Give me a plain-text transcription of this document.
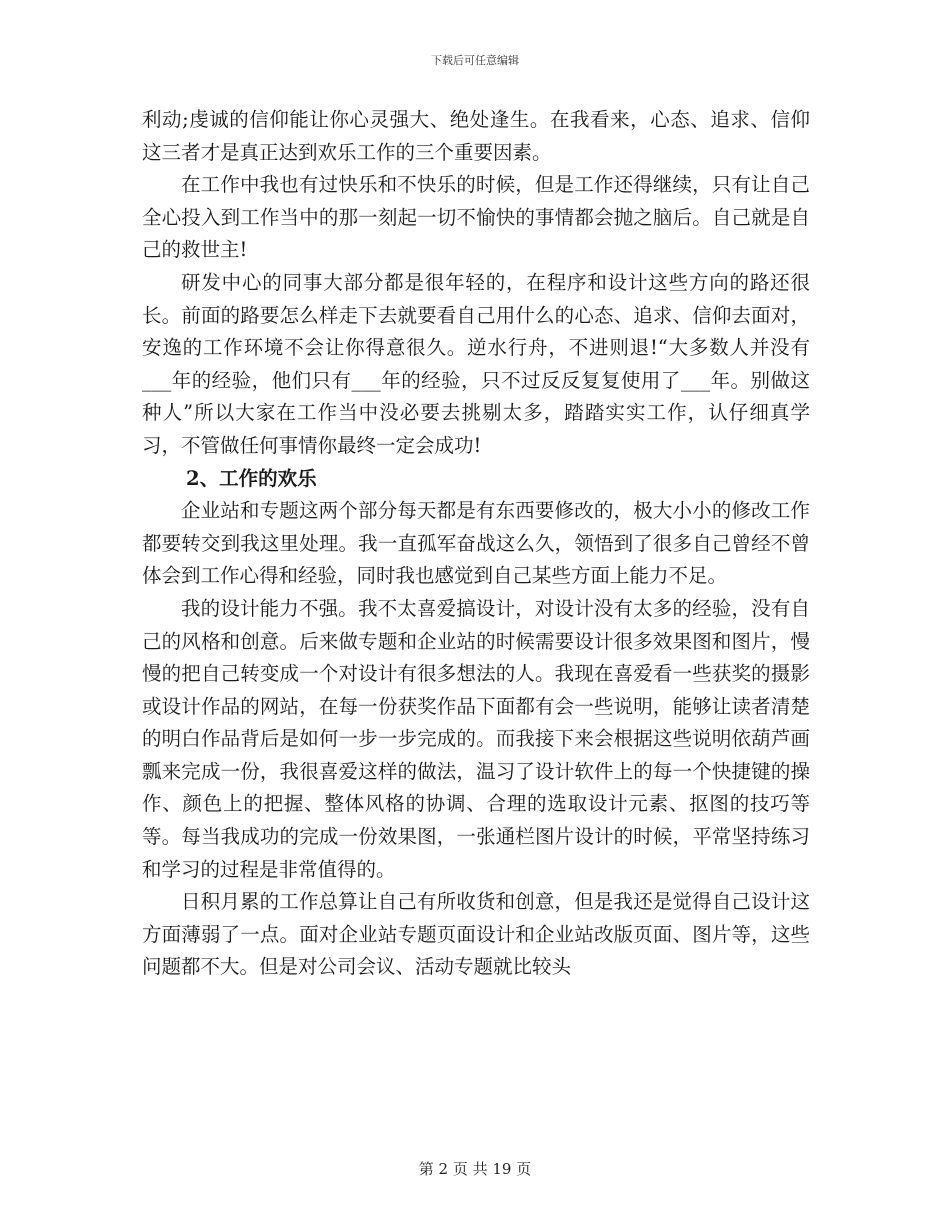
下载后可任意编辑

利动;虔诚的信仰能让你心灵强大、绝处逢生。在我看来，心态、追求、信仰这三者才是真正达到欢乐工作的三个重要因素。

在工作中我也有过快乐和不快乐的时候，但是工作还得继续，只有让自己全心投入到工作当中的那一刻起一切不愉快的事情都会抛之脑后。自己就是自己的救世主!

研发中心的同事大部分都是很年轻的，在程序和设计这些方向的路还很长。前面的路要怎么样走下去就要看自己用什么的心态、追求、信仰去面对，安逸的工作环境不会让你得意很久。逆水行舟，不进则退!“大多数人并没有___年的经验，他们只有___年的经验，只不过反反复复使用了___年。别做这种人”所以大家在工作当中没必要去挑剔太多，踏踏实实工作，认仔细真学习，不管做任何事情你最终一定会成功!

2、工作的欢乐

企业站和专题这两个部分每天都是有东西要修改的，极大小小的修改工作都要转交到我这里处理。我一直孤军奋战这么久，领悟到了很多自己曾经不曾体会到工作心得和经验，同时我也感觉到自己某些方面上能力不足。

我的设计能力不强。我不太喜爱搞设计，对设计没有太多的经验，没有自己的风格和创意。后来做专题和企业站的时候需要设计很多效果图和图片，慢慢的把自己转变成一个对设计有很多想法的人。我现在喜爱看一些获奖的摄影或设计作品的网站，在每一份获奖作品下面都有会一些说明，能够让读者清楚的明白作品背后是如何一步一步完成的。而我接下来会根据这些说明依葫芦画瓢来完成一份，我很喜爱这样的做法，温习了设计软件上的每一个快捷键的操作、颜色上的把握、整体风格的协调、合理的选取设计元素、抠图的技巧等等。每当我成功的完成一份效果图，一张通栏图片设计的时候，平常坚持练习和学习的过程是非常值得的。

日积月累的工作总算让自己有所收货和创意，但是我还是觉得自己设计这方面薄弱了一点。面对企业站专题页面设计和企业站改版页面、图片等，这些问题都不大。但是对公司会议、活动专题就比较头

第 2 页 共 19 页
